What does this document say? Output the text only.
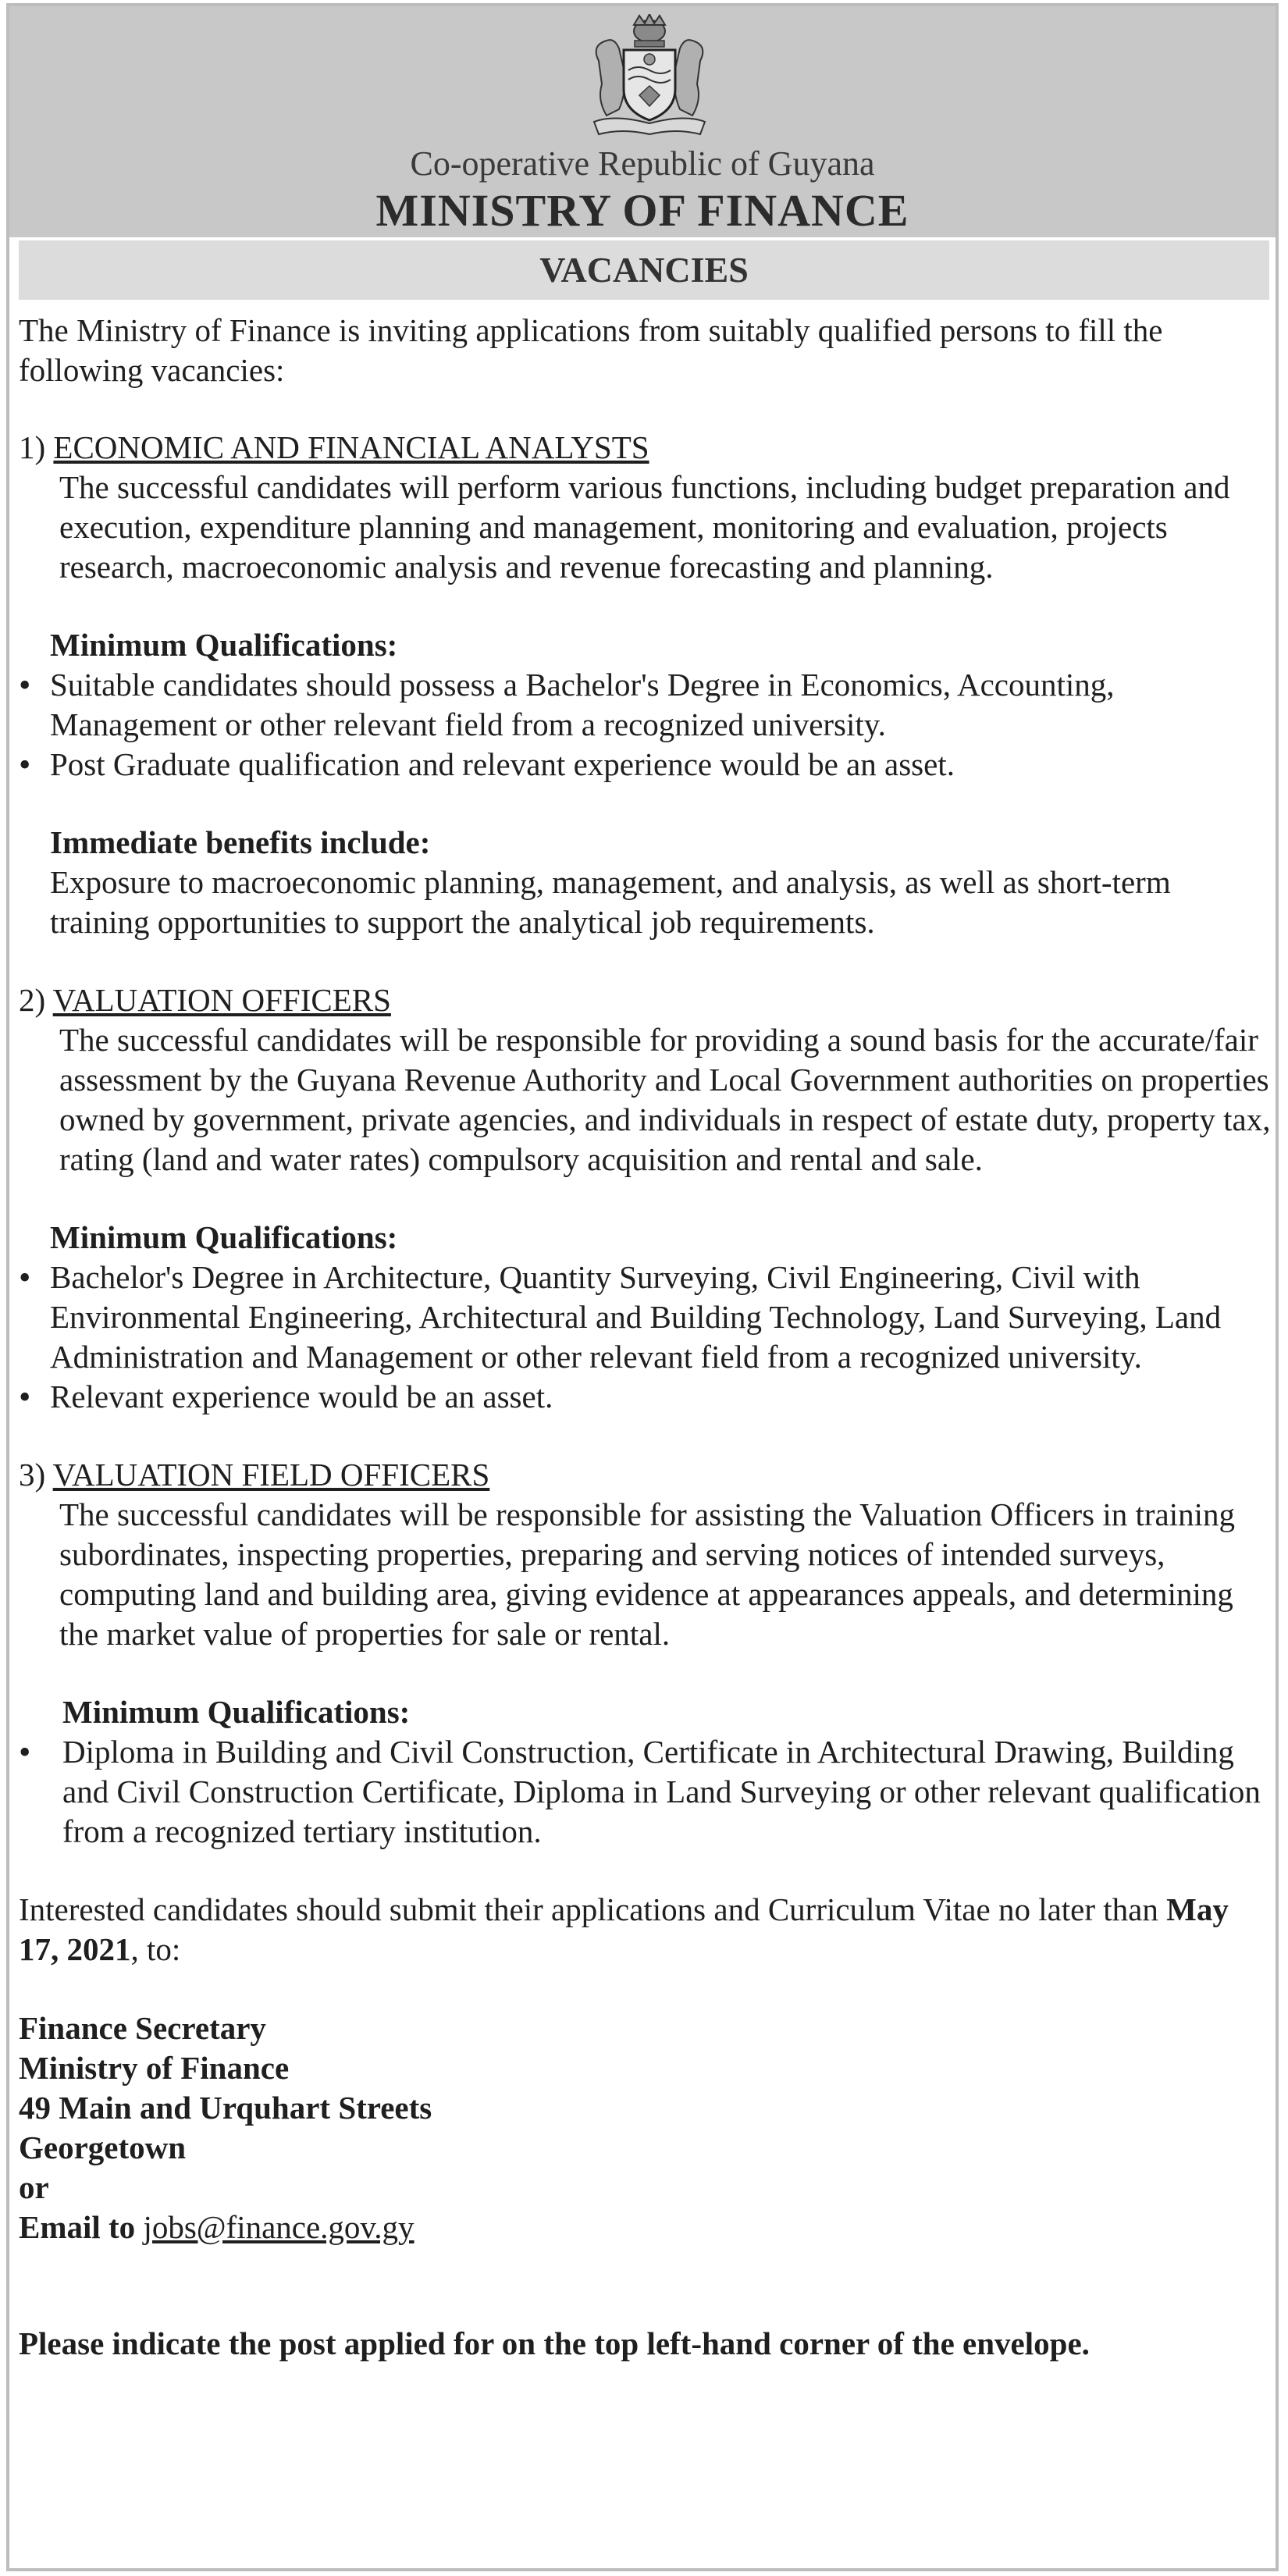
Co-operative Republic of Guyana
MINISTRY OF FINANCE
VACANCIES

The Ministry of Finance is inviting applications from suitably qualified persons to fill the following vacancies:

1) ECONOMIC AND FINANCIAL ANALYSTS

The successful candidates will perform various functions, including budget preparation and execution, expenditure planning and management, monitoring and evaluation, projects research, macroeconomic analysis and revenue forecasting and planning.

Minimum Qualifications:

• Suitable candidates should possess a Bachelor's Degree in Economics, Accounting, Management or other relevant field from a recognized university.
• Post Graduate qualification and relevant experience would be an asset.

Immediate benefits include:

Exposure to macroeconomic planning, management, and analysis, as well as short-term training opportunities to support the analytical job requirements.

2) VALUATION OFFICERS

The successful candidates will be responsible for providing a sound basis for the accurate/fair assessment by the Guyana Revenue Authority and Local Government authorities on properties owned by government, private agencies, and individuals in respect of estate duty, property tax, rating (land and water rates) compulsory acquisition and rental and sale.

Minimum Qualifications:

• Bachelor's Degree in Architecture, Quantity Surveying, Civil Engineering, Civil with Environmental Engineering, Architectural and Building Technology, Land Surveying, Land Administration and Management or other relevant field from a recognized university.
• Relevant experience would be an asset.

3) VALUATION FIELD OFFICERS

The successful candidates will be responsible for assisting the Valuation Officers in training subordinates, inspecting properties, preparing and serving notices of intended surveys, computing land and building area, giving evidence at appearances appeals, and determining the market value of properties for sale or rental.

Minimum Qualifications:

• Diploma in Building and Civil Construction, Certificate in Architectural Drawing, Building and Civil Construction Certificate, Diploma in Land Surveying or other relevant qualification from a recognized tertiary institution.

Interested candidates should submit their applications and Curriculum Vitae no later than May 17, 2021, to:

Finance Secretary

Ministry of Finance

49 Main and Urquhart Streets

Georgetown

or

Email to jobs@finance.gov.gy

Please indicate the post applied for on the top left-hand corner of the envelope.
